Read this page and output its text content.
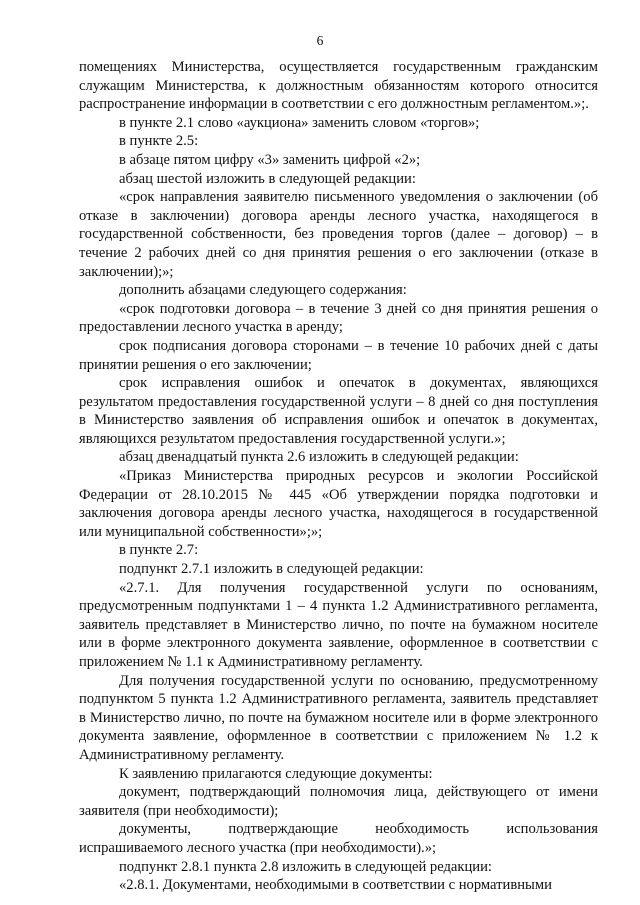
6

помещениях Министерства, осуществляется государственным гражданским служащим Министерства, к должностным обязанностям которого относится распространение информации в соответствии с его должностным регламентом.»;.

в пункте 2.1 слово «аукциона» заменить словом «торгов»;

в пункте 2.5:

в абзаце пятом цифру «3» заменить цифрой «2»;

абзац шестой изложить в следующей редакции:

«срок направления заявителю письменного уведомления о заключении (об отказе в заключении) договора аренды лесного участка, находящегося в государственной собственности, без проведения торгов (далее – договор) – в течение 2 рабочих дней со дня принятия решения о его заключении (отказе в заключении);»;

дополнить абзацами следующего содержания:

«срок подготовки договора – в течение 3 дней со дня принятия решения о предоставлении лесного участка в аренду;

срок подписания договора сторонами – в течение 10 рабочих дней с даты принятии решения о его заключении;

срок исправления ошибок и опечаток в документах, являющихся результатом предоставления государственной услуги – 8 дней со дня поступления в Министерство заявления об исправления ошибок и опечаток в документах, являющихся результатом предоставления государственной услуги.»;

абзац двенадцатый пункта 2.6 изложить в следующей редакции:

«Приказ Министерства природных ресурсов и экологии Российской Федерации от 28.10.2015 № 445 «Об утверждении порядка подготовки и заключения договора аренды лесного участка, находящегося в государственной или муниципальной собственности»;»;

в пункте 2.7:

подпункт 2.7.1 изложить в следующей редакции:

«2.7.1. Для получения государственной услуги по основаниям, предусмотренным подпунктами 1 – 4 пункта 1.2 Административного регламента, заявитель представляет в Министерство лично, по почте на бумажном носителе или в форме электронного документа заявление, оформленное в соответствии с приложением № 1.1 к Административному регламенту.

Для получения государственной услуги по основанию, предусмотренному подпунктом 5 пункта 1.2 Административного регламента, заявитель представляет в Министерство лично, по почте на бумажном носителе или в форме электронного документа заявление, оформленное в соответствии с приложением № 1.2 к Административному регламенту.

К заявлению прилагаются следующие документы:

документ, подтверждающий полномочия лица, действующего от имени заявителя (при необходимости);

документы, подтверждающие необходимость использования испрашиваемого лесного участка (при необходимости).»;

подпункт 2.8.1 пункта 2.8 изложить в следующей редакции:

«2.8.1. Документами, необходимыми в соответствии с нормативными
